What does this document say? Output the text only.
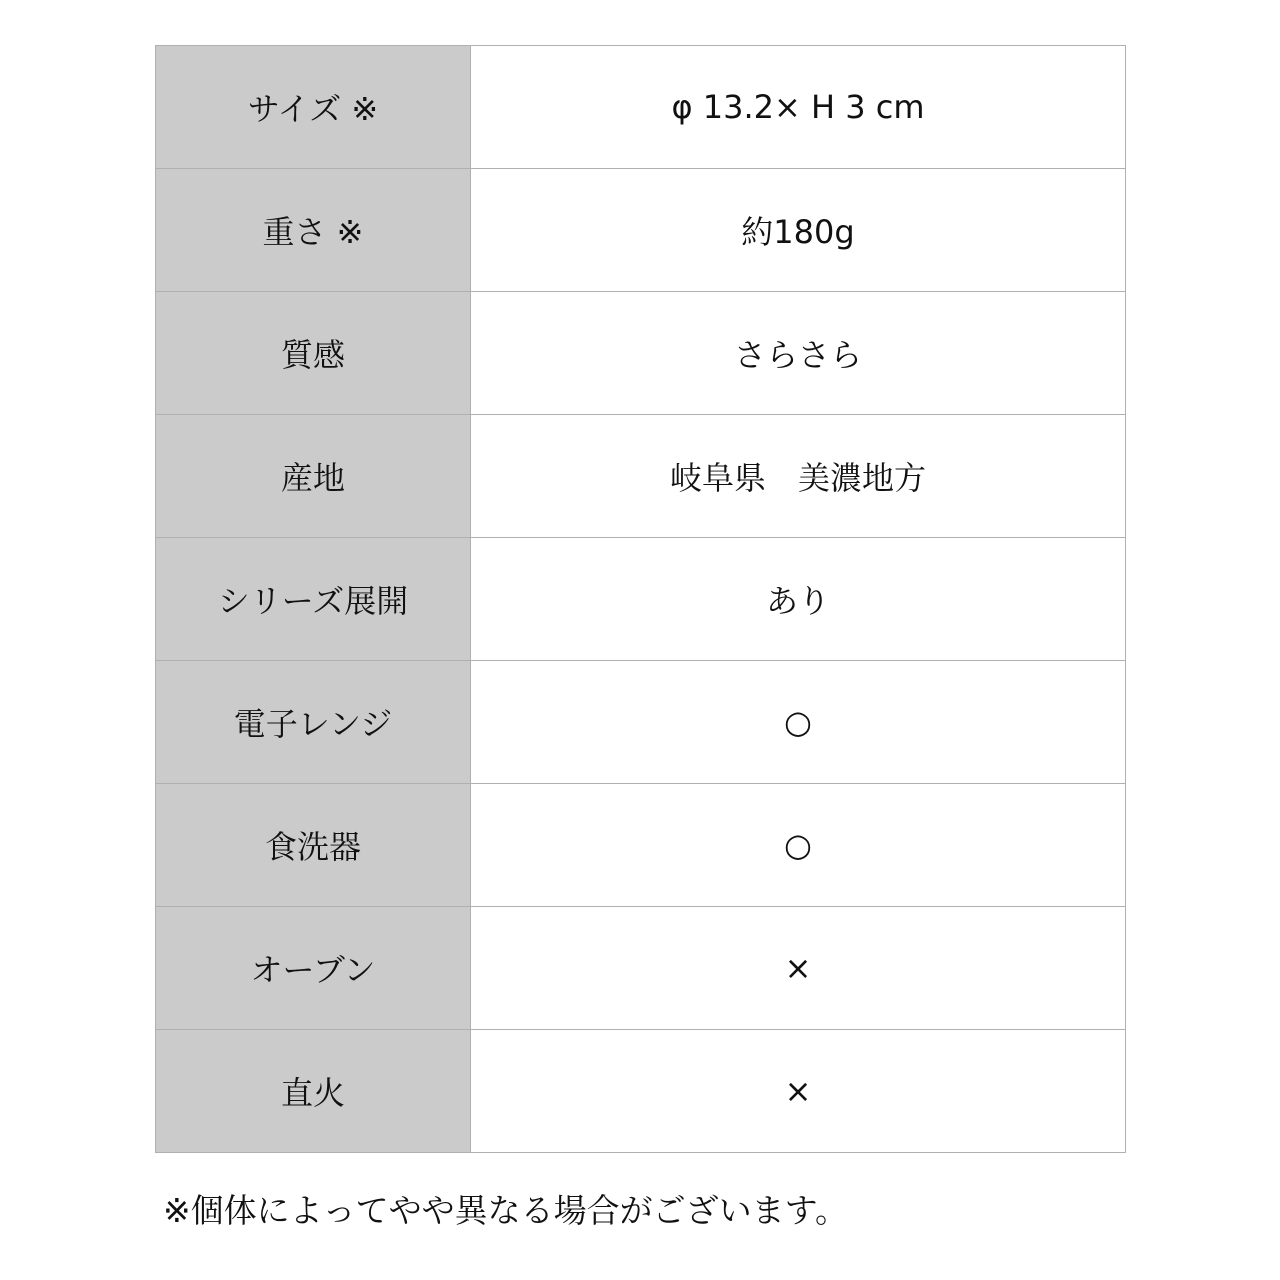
サイズ ※	φ 13.2× H 3 cm
重さ ※	約180g
質感	さらさら
産地	岐阜県　美濃地方
シリーズ展開	あり
電子レンジ	○
食洗器	○
オーブン	×
直火	×
※個体によってやや異なる場合がございます。
